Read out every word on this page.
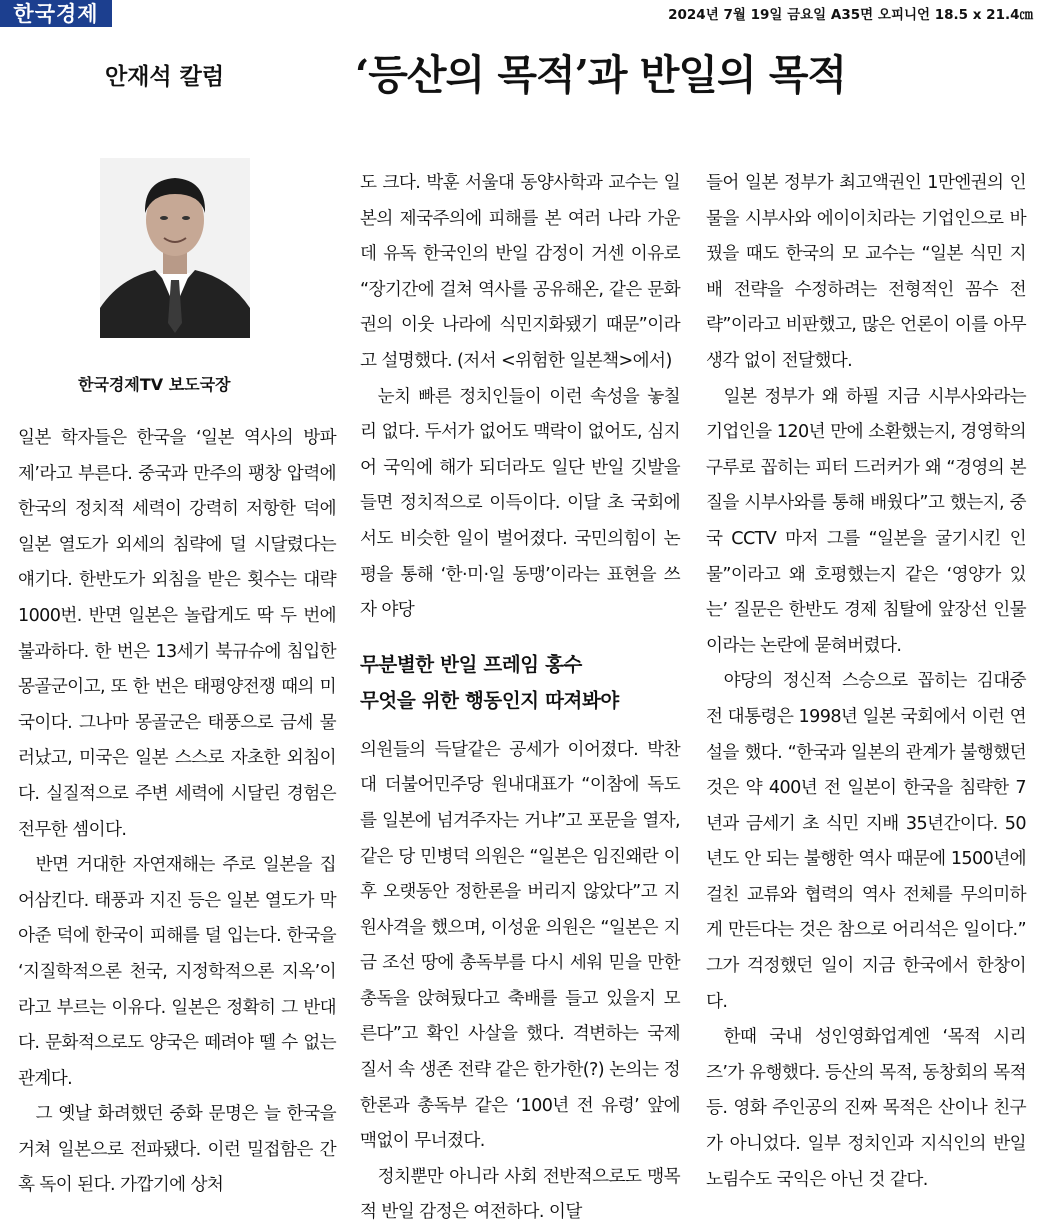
한국경제	2024년 7월 19일 금요일 A35면 오피니언 18.5 x 21.4㎝
안재석 칼럼	‘등산의 목적’과 반일의 목적
한국경제TV 보도국장

일본 학자들은 한국을 ‘일본 역사의 방파제’라고 부른다. 중국과 만주의 팽창 압력에 한국의 정치적 세력이 강력히 저항한 덕에 일본 열도가 외세의 침략에 덜 시달렸다는 얘기다. 한반도가 외침을 받은 횟수는 대략 1000번. 반면 일본은 놀랍게도 딱 두 번에 불과하다. 한 번은 13세기 북규슈에 침입한 몽골군이고, 또 한 번은 태평양전쟁 때의 미국이다. 그나마 몽골군은 태풍으로 금세 물러났고, 미국은 일본 스스로 자초한 외침이다. 실질적으로 주변 세력에 시달린 경험은 전무한 셈이다.

반면 거대한 자연재해는 주로 일본을 집어삼킨다. 태풍과 지진 등은 일본 열도가 막아준 덕에 한국이 피해를 덜 입는다. 한국을 ‘지질학적으론 천국, 지정학적으론 지옥’이라고 부르는 이유다. 일본은 정확히 그 반대다. 문화적으로도 양국은 떼려야 뗄 수 없는 관계다.

그 옛날 화려했던 중화 문명은 늘 한국을 거쳐 일본으로 전파됐다. 이런 밀접함은 간혹 독이 된다. 가깝기에 상처

도 크다. 박훈 서울대 동양사학과 교수는 일본의 제국주의에 피해를 본 여러 나라 가운데 유독 한국인의 반일 감정이 거센 이유로 “장기간에 걸쳐 역사를 공유해온, 같은 문화권의 이웃 나라에 식민지화됐기 때문”이라고 설명했다. (저서 <위험한 일본책>에서)

눈치 빠른 정치인들이 이런 속성을 놓칠 리 없다. 두서가 없어도 맥락이 없어도, 심지어 국익에 해가 되더라도 일단 반일 깃발을 들면 정치적으로 이득이다. 이달 초 국회에서도 비슷한 일이 벌어졌다. 국민의힘이 논평을 통해 ‘한·미·일 동맹’이라는 표현을 쓰자 야당

무분별한 반일 프레임 홍수
무엇을 위한 행동인지 따져봐야

의원들의 득달같은 공세가 이어졌다. 박찬대 더불어민주당 원내대표가 “이참에 독도를 일본에 넘겨주자는 거냐”고 포문을 열자, 같은 당 민병덕 의원은 “일본은 임진왜란 이후 오랫동안 정한론을 버리지 않았다”고 지원사격을 했으며, 이성윤 의원은 “일본은 지금 조선 땅에 총독부를 다시 세워 믿을 만한 총독을 앉혀뒀다고 축배를 들고 있을지 모른다”고 확인 사살을 했다. 격변하는 국제 질서 속 생존 전략 같은 한가한(?) 논의는 정한론과 총독부 같은 ‘100년 전 유령’ 앞에 맥없이 무너졌다.

정치뿐만 아니라 사회 전반적으로도 맹목적 반일 감정은 여전하다. 이달

들어 일본 정부가 최고액권인 1만엔권의 인물을 시부사와 에이이치라는 기업인으로 바꿨을 때도 한국의 모 교수는 “일본 식민 지배 전략을 수정하려는 전형적인 꼼수 전략”이라고 비판했고, 많은 언론이 이를 아무 생각 없이 전달했다.

일본 정부가 왜 하필 지금 시부사와라는 기업인을 120년 만에 소환했는지, 경영학의 구루로 꼽히는 피터 드러커가 왜 “경영의 본질을 시부사와를 통해 배웠다”고 했는지, 중국 CCTV 마저 그를 “일본을 굴기시킨 인물”이라고 왜 호평했는지 같은 ‘영양가 있는’ 질문은 한반도 경제 침탈에 앞장선 인물이라는 논란에 묻혀버렸다.

야당의 정신적 스승으로 꼽히는 김대중 전 대통령은 1998년 일본 국회에서 이런 연설을 했다. “한국과 일본의 관계가 불행했던 것은 약 400년 전 일본이 한국을 침략한 7년과 금세기 초 식민 지배 35년간이다. 50년도 안 되는 불행한 역사 때문에 1500년에 걸친 교류와 협력의 역사 전체를 무의미하게 만든다는 것은 참으로 어리석은 일이다.” 그가 걱정했던 일이 지금 한국에서 한창이다.

한때 국내 성인영화업계엔 ‘목적 시리즈’가 유행했다. 등산의 목적, 동창회의 목적 등. 영화 주인공의 진짜 목적은 산이나 친구가 아니었다. 일부 정치인과 지식인의 반일 노림수도 국익은 아닌 것 같다.
